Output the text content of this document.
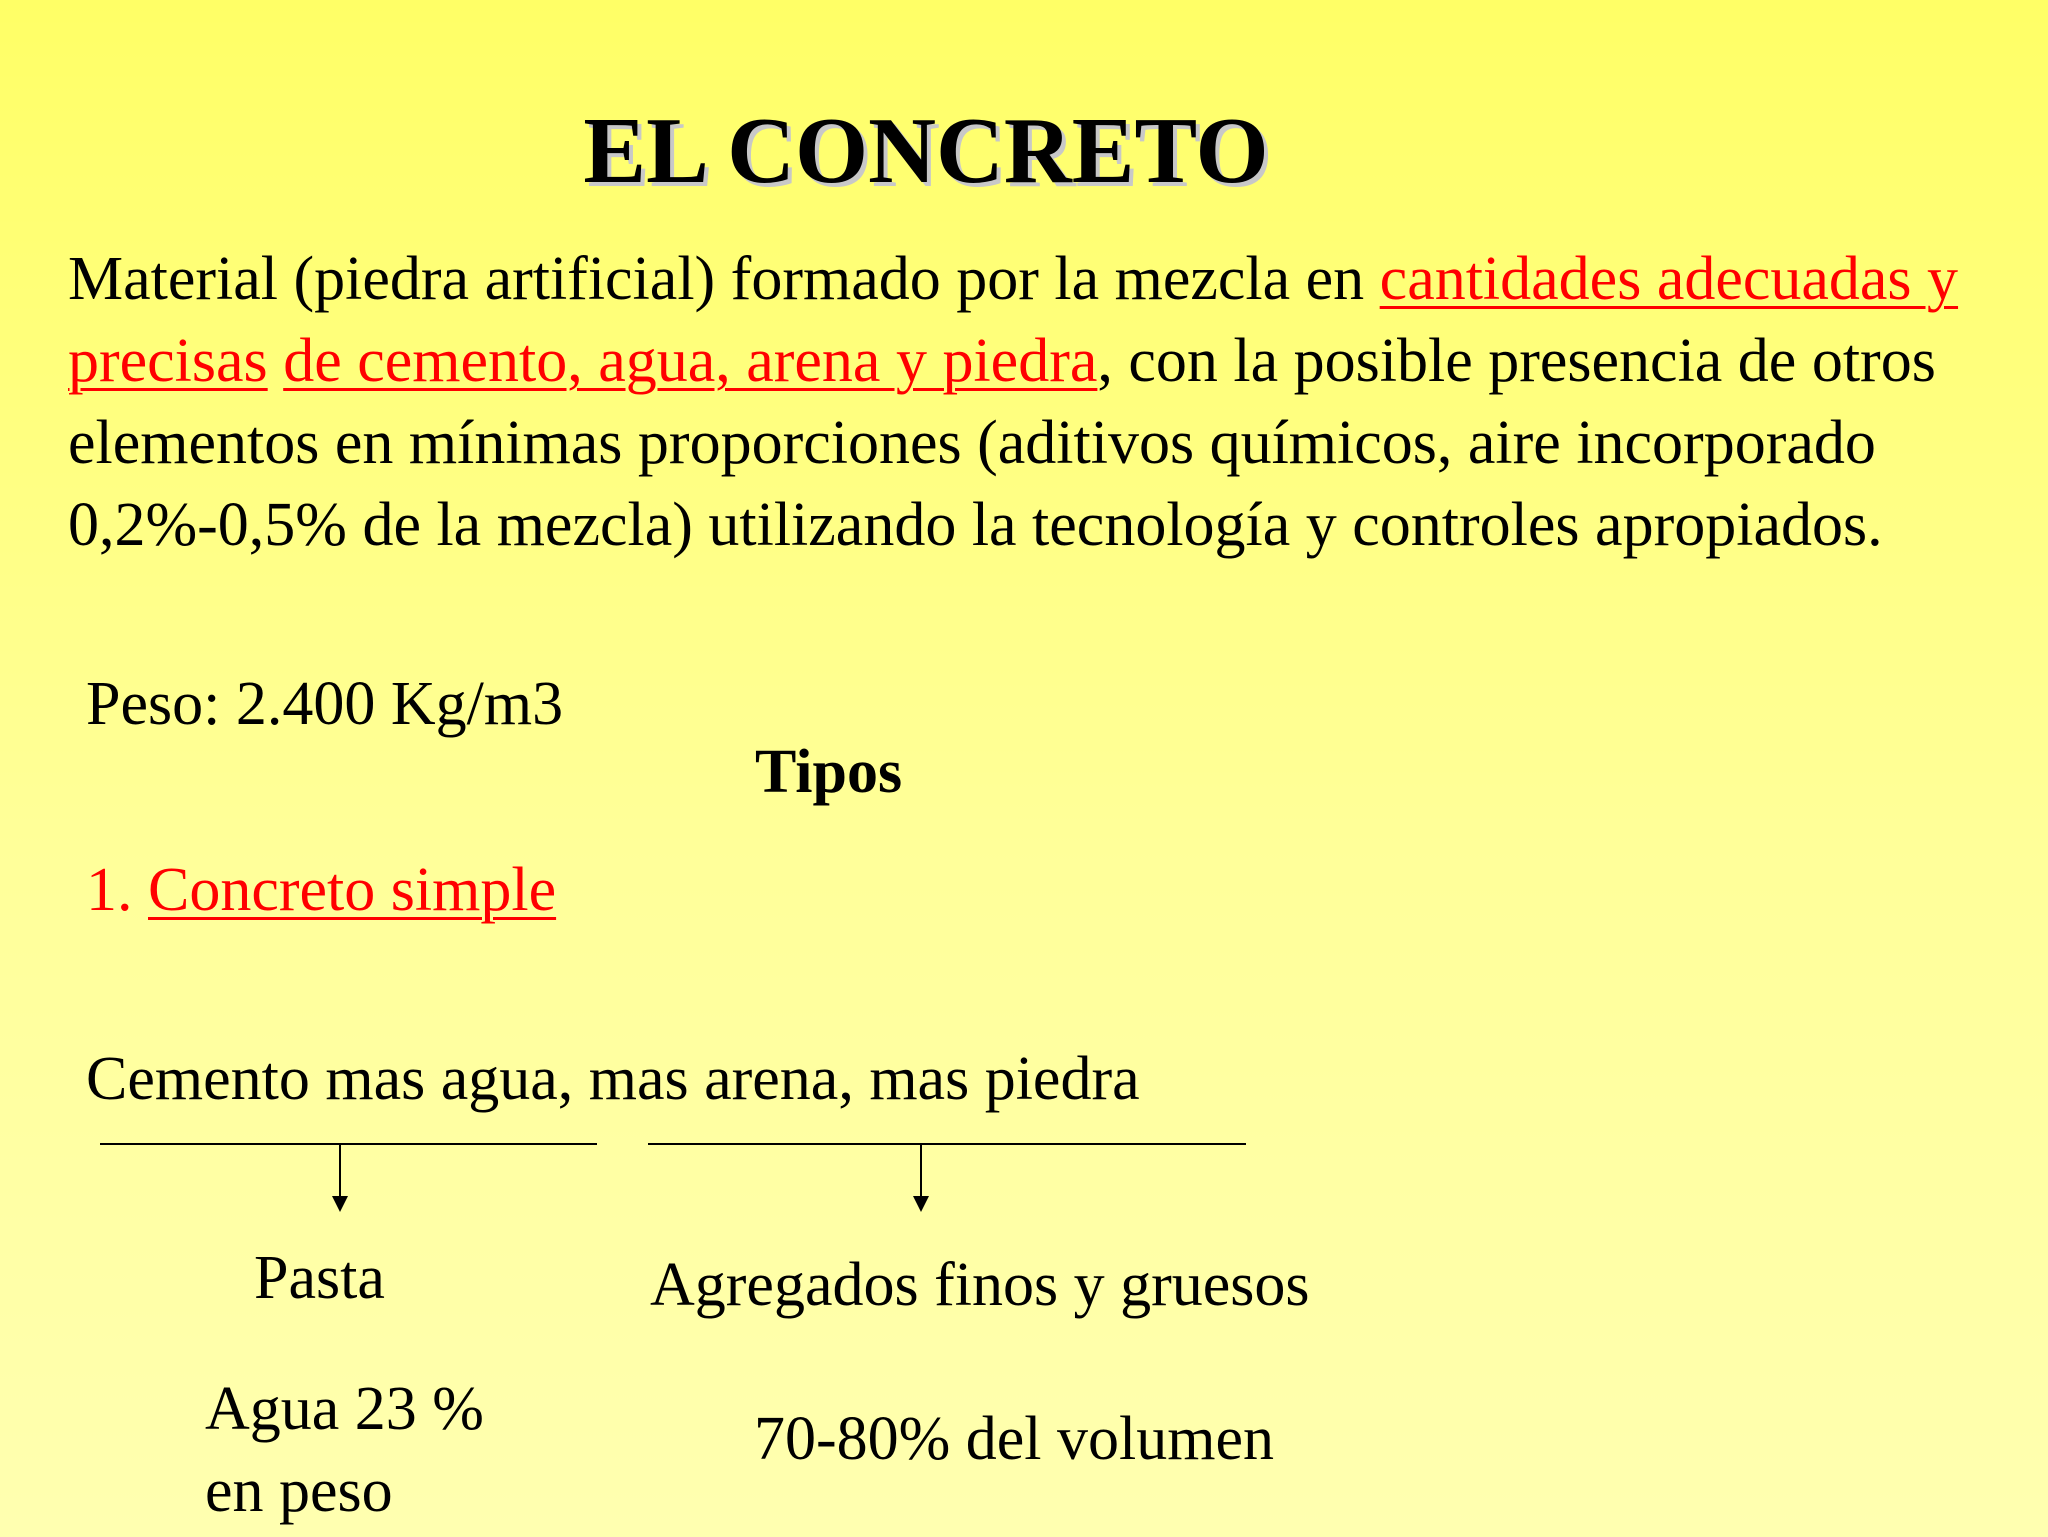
EL CONCRETO
Material (piedra artificial) formado por la mezcla en cantidades adecuadas y precisas de cemento, agua, arena y piedra, con la posible presencia de otros elementos en mínimas proporciones (aditivos químicos, aire incorporado 0,2%-0,5% de la mezcla) utilizando la tecnología y controles apropiados.
Peso: 2.400 Kg/m3
Tipos
1. Concreto simple
Cemento mas agua, mas arena, mas piedra
Pasta	Agregados finos y gruesos
Agua 23 %
en peso
70-80% del volumen
